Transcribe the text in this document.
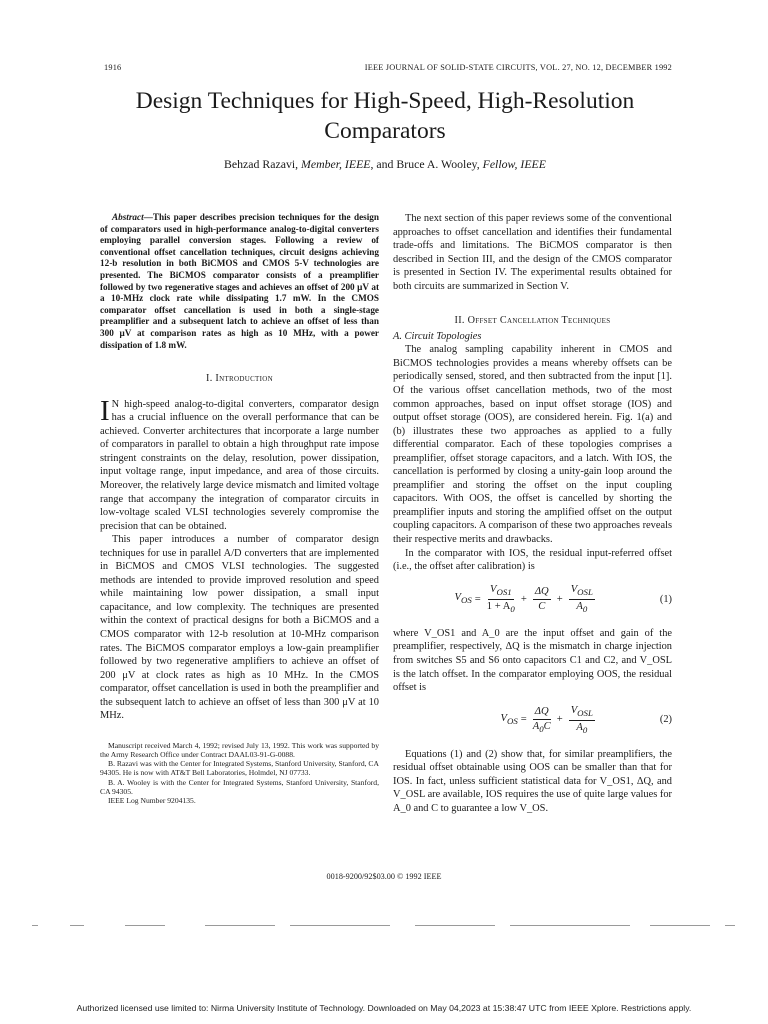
1916	IEEE JOURNAL OF SOLID-STATE CIRCUITS, VOL. 27, NO. 12, DECEMBER 1992
Design Techniques for High-Speed, High-Resolution
Comparators
Behzad Razavi, Member, IEEE, and Bruce A. Wooley, Fellow, IEEE

Abstract—This paper describes precision techniques for the design of comparators used in high-performance analog-to-digital converters employing parallel conversion stages. Following a review of conventional offset cancellation techniques, circuit designs achieving 12-b resolution in both BiCMOS and CMOS 5-V technologies are presented. The BiCMOS comparator consists of a preamplifier followed by two regenerative stages and achieves an offset of 200 μV at a 10-MHz clock rate while dissipating 1.7 mW. In the CMOS comparator offset cancellation is used in both a single-stage preamplifier and a subsequent latch to achieve an offset of less than 300 μV at comparison rates as high as 10 MHz, with a power dissipation of 1.8 mW.

I. Introduction

I N high-speed analog-to-digital converters, comparator design has a crucial influence on the overall performance that can be achieved. Converter architectures that incorporate a large number of comparators in parallel to obtain a high throughput rate impose stringent constraints on the delay, resolution, power dissipation, input voltage range, input impedance, and area of those circuits. Moreover, the relatively large device mismatch and limited voltage range that accompany the integration of comparator circuits in low-voltage scaled VLSI technologies severely compromise the precision that can be obtained.

This paper introduces a number of comparator design techniques for use in parallel A/D converters that are implemented in BiCMOS and CMOS VLSI technologies. The suggested methods are intended to provide improved resolution and speed while maintaining low power dissipation, a small input capacitance, and low complexity. The techniques are presented within the context of practical designs for both a BiCMOS and a CMOS comparator with 12-b resolution at 10-MHz comparison rates. The BiCMOS comparator employs a low-gain preamplifier followed by two regenerative amplifiers to achieve an offset of 200 μV at clock rates as high as 10 MHz. In the CMOS comparator, offset cancellation is used in both the preamplifier and the subsequent latch to achieve an offset of less than 300 μV at 10 MHz.

Manuscript received March 4, 1992; revised July 13, 1992. This work was supported by the Army Research Office under Contract DAAL03-91-G-0088.

B. Razavi was with the Center for Integrated Systems, Stanford University, Stanford, CA 94305. He is now with AT&T Bell Laboratories, Holmdel, NJ 07733.

B. A. Wooley is with the Center for Integrated Systems, Stanford University, Stanford, CA 94305.

IEEE Log Number 9204135.

The next section of this paper reviews some of the conventional approaches to offset cancellation and identifies their fundamental trade-offs and limitations. The BiCMOS comparator is then described in Section III, and the design of the CMOS comparator is presented in Section IV. The experimental results obtained for both circuits are summarized in Section V.

II. Offset Cancellation Techniques

A. Circuit Topologies

The analog sampling capability inherent in CMOS and BiCMOS technologies provides a means whereby offsets can be periodically sensed, stored, and then subtracted from the input [1]. Of the various offset cancellation methods, two of the most common approaches, based on input offset storage (IOS) and output offset storage (OOS), are considered herein. Fig. 1(a) and (b) illustrates these two approaches as applied to a fully differential comparator. Each of these topologies comprises a preamplifier, offset storage capacitors, and a latch. With IOS, the cancellation is performed by closing a unity-gain loop around the preamplifier and storing the offset on the input coupling capacitors. With OOS, the offset is cancelled by shorting the preamplifier inputs and storing the amplified offset on the output coupling capacitors. A comparison of these two approaches reveals their respective merits and drawbacks.

In the comparator with IOS, the residual input-referred offset (i.e., the offset after calibration) is

$V_{OS} = \frac{V_{OS1}}{1 + A_0} + \frac{\Delta Q}{C} + \frac{V_{OSL}}{A_0}$	(1)

where V_OS1 and A_0 are the input offset and gain of the preamplifier, respectively, ΔQ is the mismatch in charge injection from switches S5 and S6 onto capacitors C1 and C2, and V_OSL is the latch offset. In the comparator employing OOS, the residual offset is

$V_{OS} = \frac{\Delta Q}{A_0C} + \frac{V_{OSL}}{A_0}$	(2)

Equations (1) and (2) show that, for similar preamplifiers, the residual offset obtainable using OOS can be smaller than that for IOS. In fact, unless sufficient statistical data for V_OS1, ΔQ, and V_OSL are available, IOS requires the use of quite large values for A_0 and C to guarantee a low V_OS.

0018-9200/92$03.00 © 1992 IEEE
Authorized licensed use limited to: Nirma University Institute of Technology. Downloaded on May 04,2023 at 15:38:47 UTC from IEEE Xplore. Restrictions apply.
